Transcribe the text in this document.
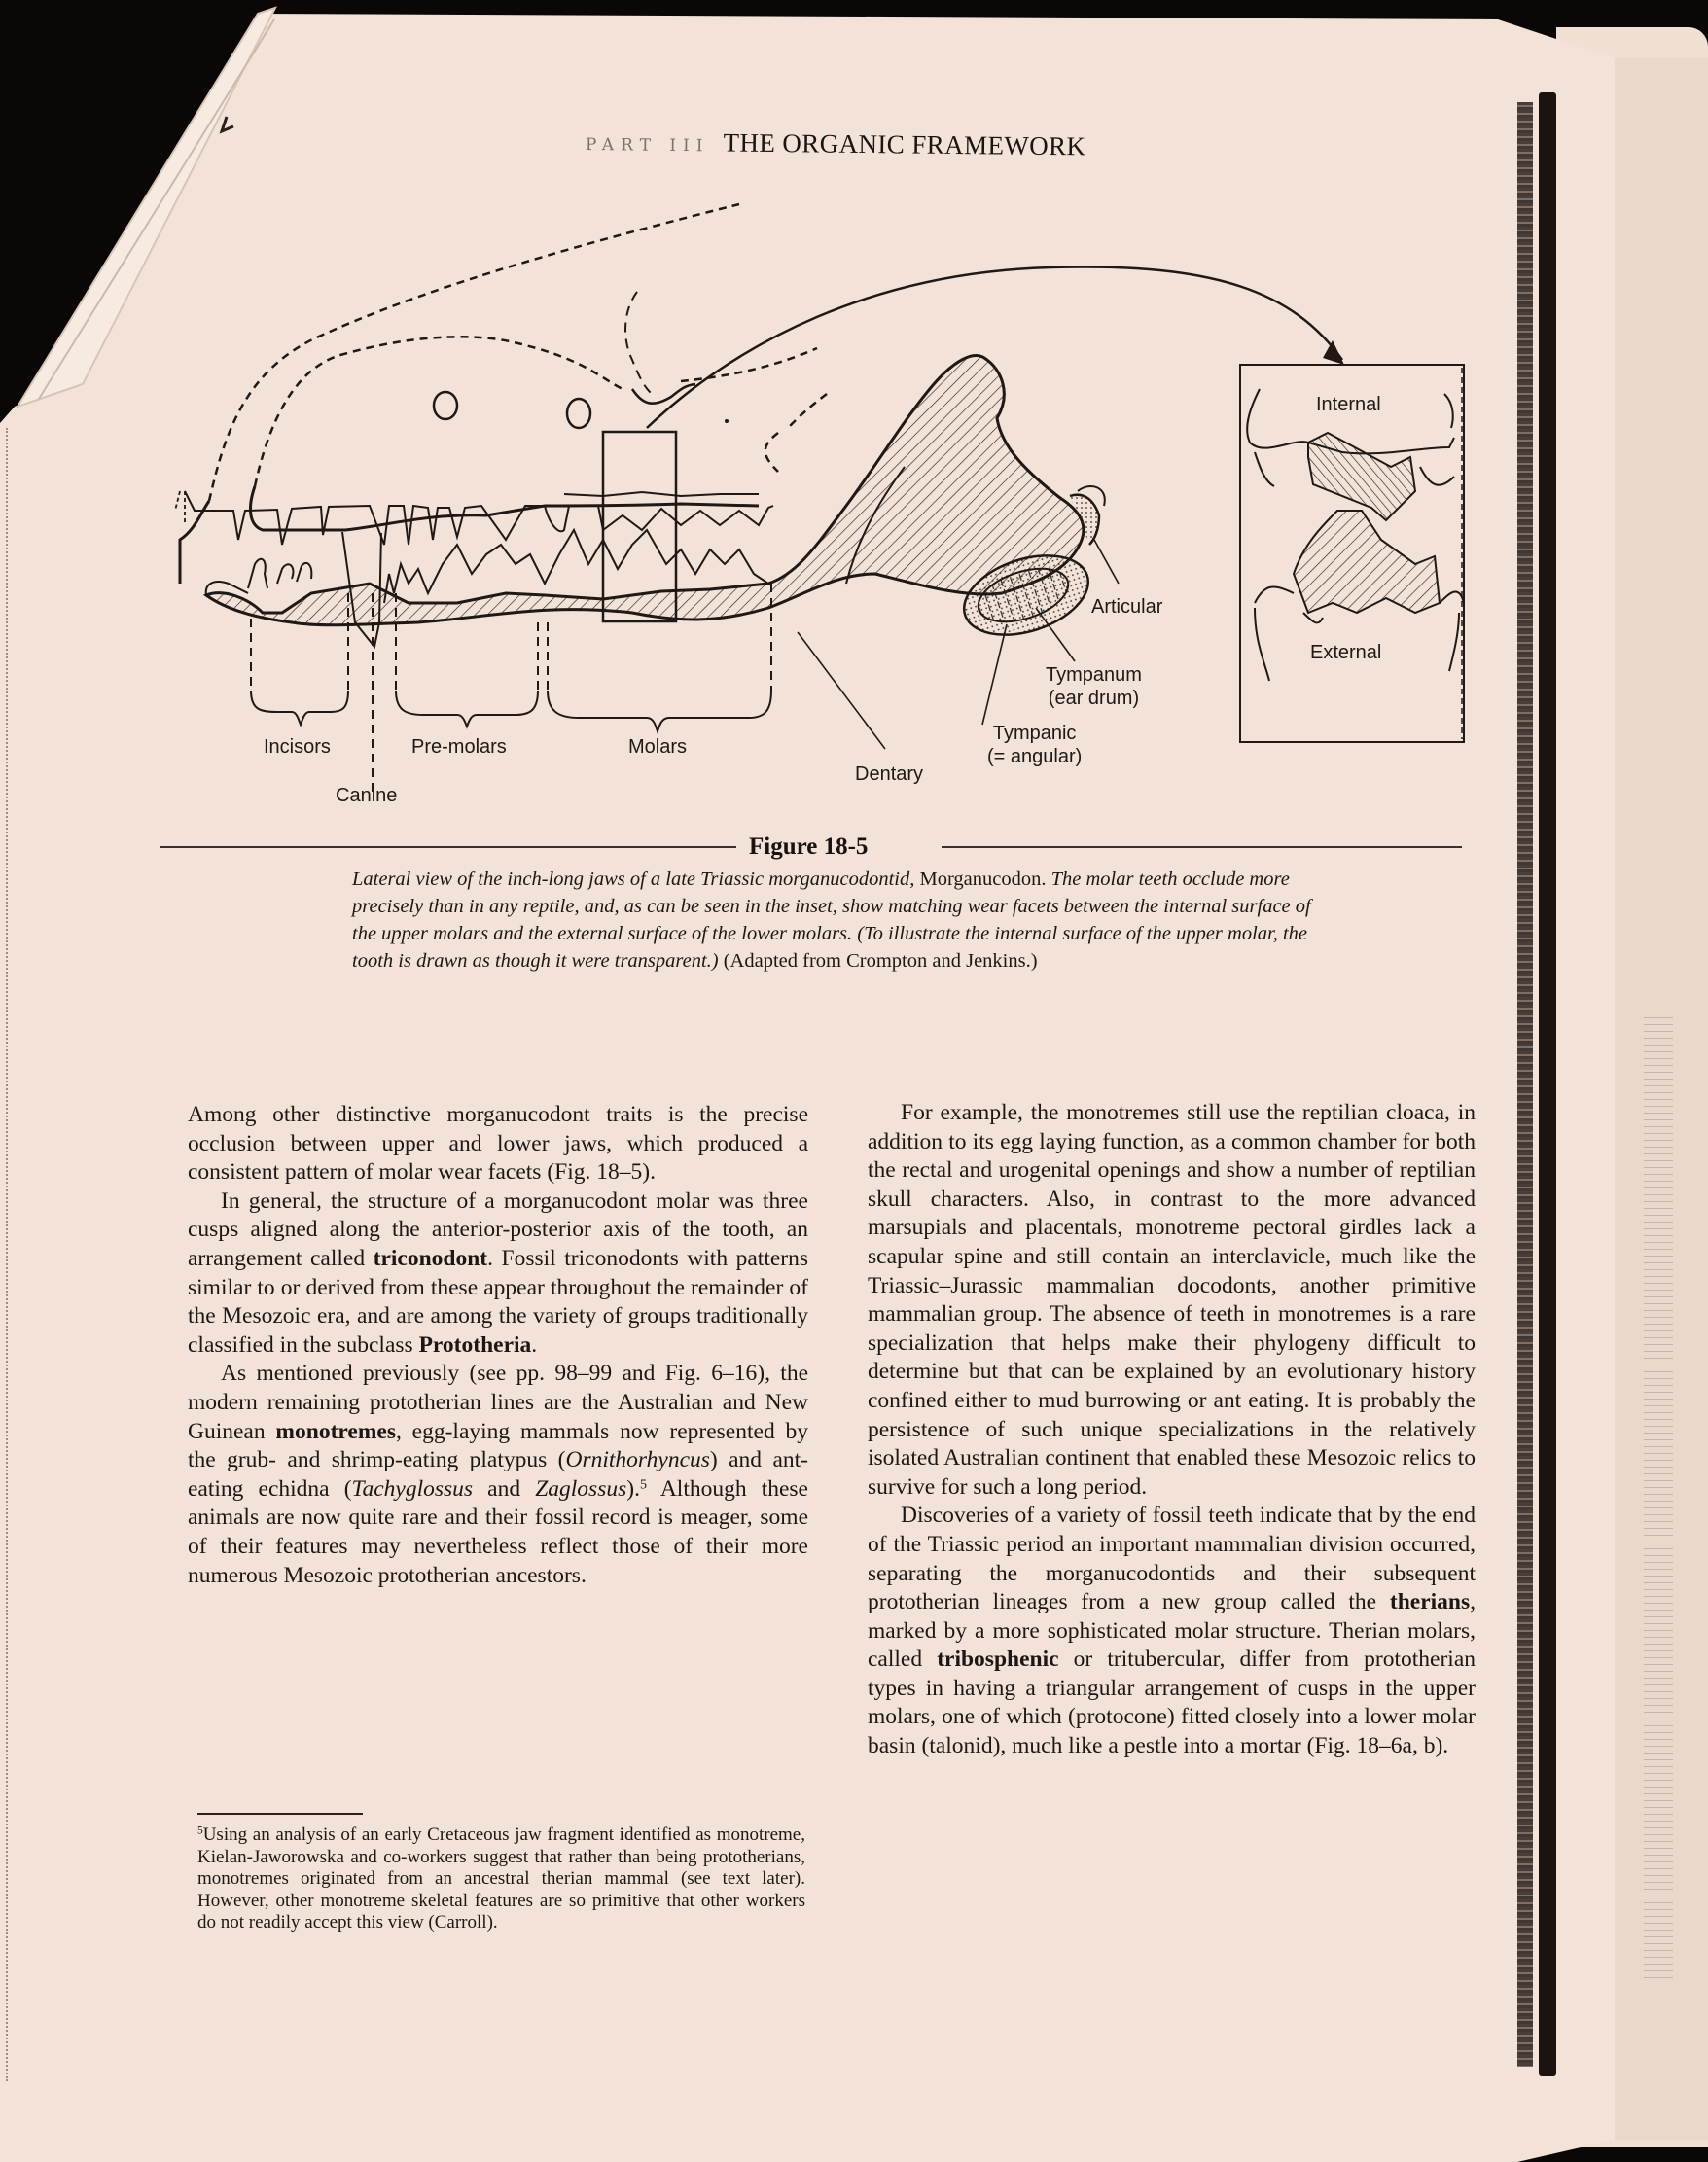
PART III THE ORGANIC FRAMEWORK
Incisors
Canine
Pre-molars	Molars
Dentary
Articular
Tympanum
(ear drum)
Tympanic
(= angular)
Internal
External
Figure 18-5
Lateral view of the inch-long jaws of a late Triassic morganucodontid, Morganucodon. The molar teeth occlude more precisely than in any reptile, and, as can be seen in the inset, show matching wear facets between the internal surface of the upper molars and the external surface of the lower molars. (To illustrate the internal surface of the upper molar, the tooth is drawn as though it were transparent.) (Adapted from Crompton and Jenkins.)

Among other distinctive morganucodont traits is the precise occlusion between upper and lower jaws, which produced a consistent pattern of molar wear facets (Fig. 18–5).

In general, the structure of a morganucodont molar was three cusps aligned along the anterior-posterior axis of the tooth, an arrangement called triconodont. Fossil triconodonts with patterns similar to or derived from these appear throughout the remainder of the Mesozoic era, and are among the variety of groups traditionally classified in the subclass Prototheria.

As mentioned previously (see pp. 98–99 and Fig. 6–16), the modern remaining prototherian lines are the Australian and New Guinean monotremes, egg-laying mammals now represented by the grub- and shrimp-eating platypus (Ornithorhyncus) and ant-eating echidna (Tachyglossus and Zaglossus).$^5$ Although these animals are now quite rare and their fossil record is meager, some of their features may nevertheless reflect those of their more numerous Mesozoic prototherian ancestors.

$^5$Using an analysis of an early Cretaceous jaw fragment identified as monotreme, Kielan-Jaworowska and co-workers suggest that rather than being prototherians, monotremes originated from an ancestral therian mammal (see text later). However, other monotreme skeletal features are so primitive that other workers do not readily accept this view (Carroll).

For example, the monotremes still use the reptilian cloaca, in addition to its egg laying function, as a common chamber for both the rectal and urogenital openings and show a number of reptilian skull characters. Also, in contrast to the more advanced marsupials and placentals, monotreme pectoral girdles lack a scapular spine and still contain an interclavicle, much like the Triassic–Jurassic mammalian docodonts, another primitive mammalian group. The absence of teeth in monotremes is a rare specialization that helps make their phylogeny difficult to determine but that can be explained by an evolutionary history confined either to mud burrowing or ant eating. It is probably the persistence of such unique specializations in the relatively isolated Australian continent that enabled these Mesozoic relics to survive for such a long period.

Discoveries of a variety of fossil teeth indicate that by the end of the Triassic period an important mammalian division occurred, separating the morganucodontids and their subsequent prototherian lineages from a new group called the therians, marked by a more sophisticated molar structure. Therian molars, called tribosphenic or tritubercular, differ from prototherian types in having a triangular arrangement of cusps in the upper molars, one of which (protocone) fitted closely into a lower molar basin (talonid), much like a pestle into a mortar (Fig. 18–6a, b).
